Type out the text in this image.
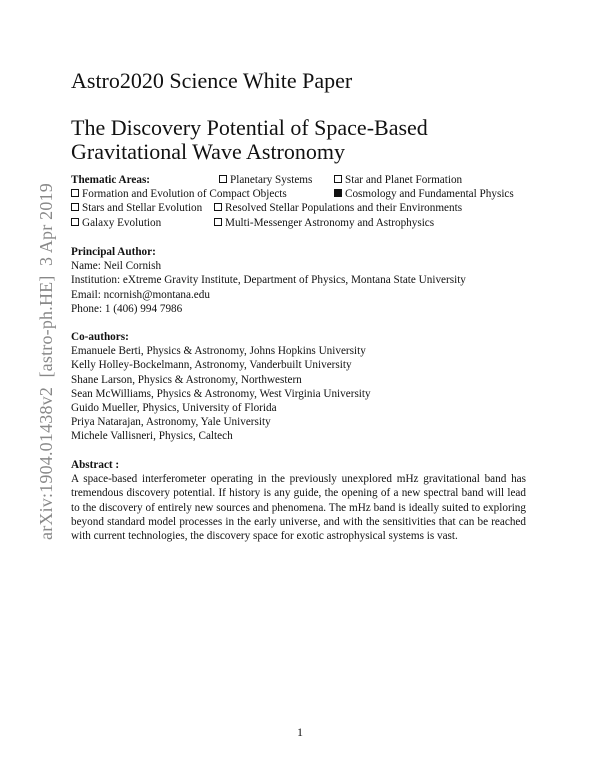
arXiv:1904.01438v2  [astro-ph.HE]  3 Apr 2019
Astro2020 Science White Paper
The Discovery Potential of Space-Based
Gravitational Wave Astronomy
Thematic Areas:	Planetary Systems	Star and Planet Formation
Formation and Evolution of Compact Objects	Cosmology and Fundamental Physics
Stars and Stellar Evolution	Resolved Stellar Populations and their Environments
Galaxy Evolution	Multi-Messenger Astronomy and Astrophysics
Principal Author:
Name: Neil Cornish
Institution: eXtreme Gravity Institute, Department of Physics, Montana State University
Email: ncornish@montana.edu
Phone: 1 (406) 994 7986
Co-authors:
Emanuele Berti, Physics & Astronomy, Johns Hopkins University
Kelly Holley-Bockelmann, Astronomy, Vanderbuilt University
Shane Larson, Physics & Astronomy, Northwestern
Sean McWilliams, Physics & Astronomy, West Virginia University
Guido Mueller, Physics, University of Florida
Priya Natarajan, Astronomy, Yale University
Michele Vallisneri, Physics, Caltech
Abstract :
A space-based interferometer operating in the previously unexplored mHz gravitational band has tremendous discovery potential. If history is any guide, the opening of a new spectral band will lead to the discovery of entirely new sources and phenomena. The mHz band is ideally suited to exploring beyond standard model processes in the early universe, and with the sensitivities that can be reached with current technologies, the discovery space for exotic astrophysical systems is vast.
1
